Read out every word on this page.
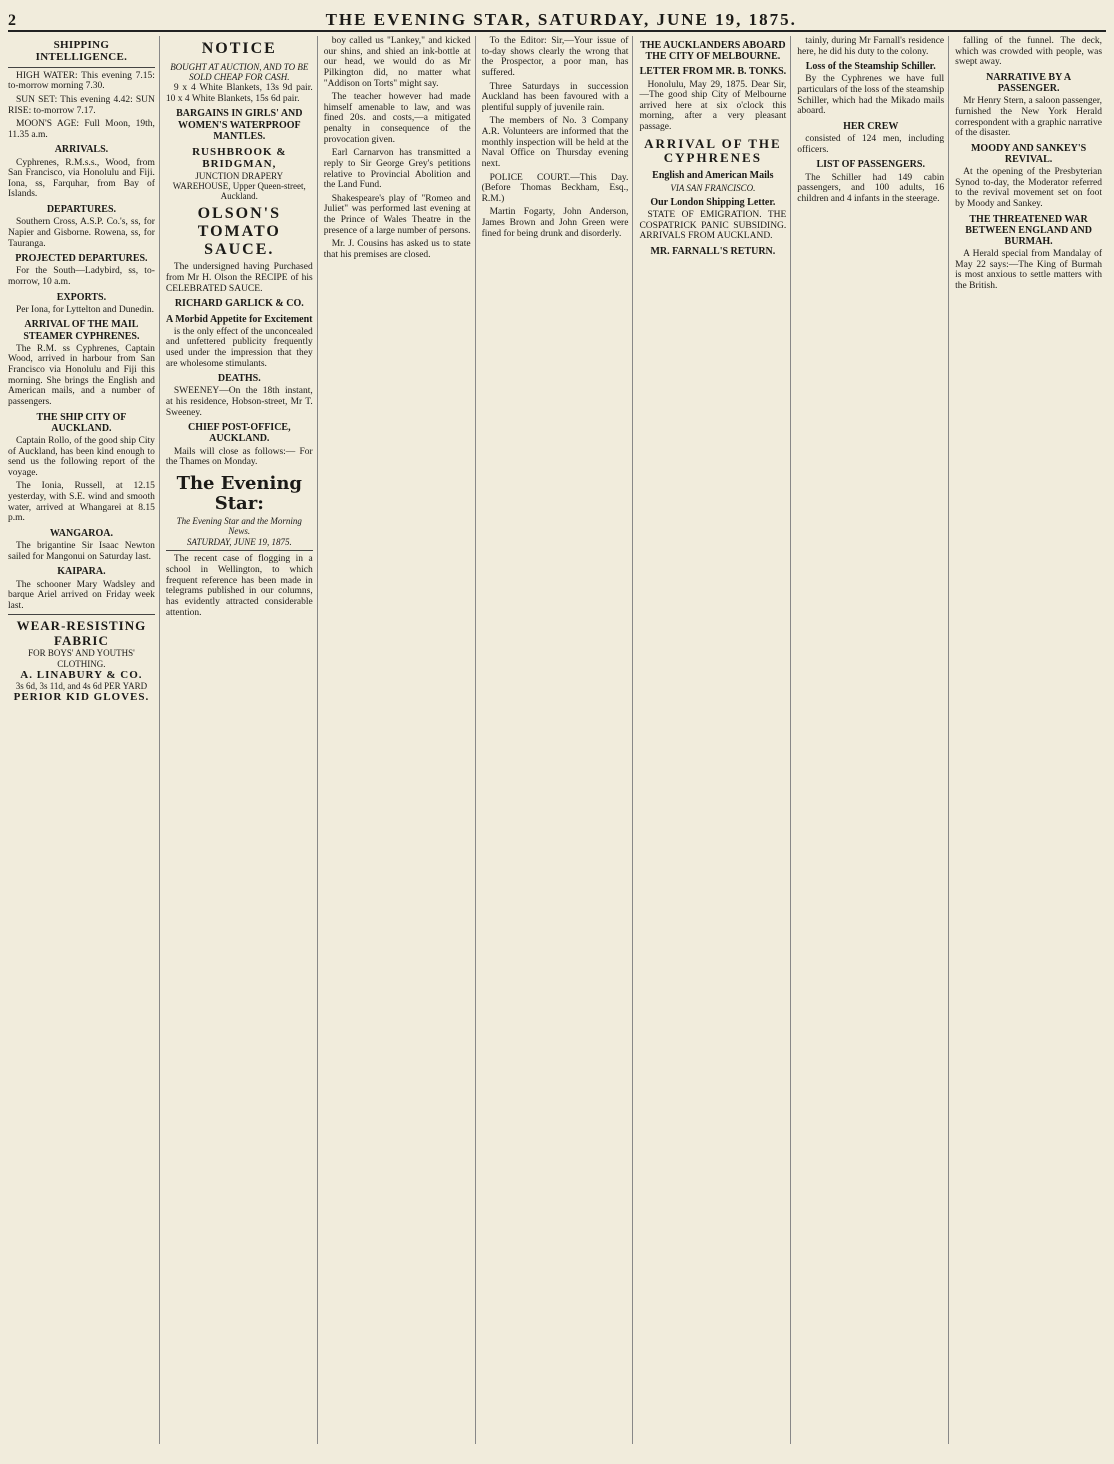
2	THE EVENING STAR, SATURDAY, JUNE 19, 1875.
SHIPPING INTELLIGENCE.
HIGH WATER: This evening 7.15: to-morrow morning 7.30.
SUN SET: This evening 4.42: SUN RISE: to-morrow 7.17.
MOON'S AGE: Full Moon, 19th, 11.35 a.m.
ARRIVALS.
Cyphrenes, R.M.s.s., Wood, from San Francisco, via Honolulu and Fiji. Iona, ss, Farquhar, from Bay of Islands.
DEPARTURES.
Southern Cross, A.S.P. Co.'s, ss, for Napier and Gisborne. Rowena, ss, for Tauranga.
PROJECTED DEPARTURES.
For the South—Ladybird, ss, to-morrow, 10 a.m.
EXPORTS.
Per Iona, for Lyttelton and Dunedin.
ARRIVAL OF THE MAIL STEAMER CYPHRENES.
The R.M. ss Cyphrenes, Captain Wood, arrived in harbour from San Francisco via Honolulu and Fiji this morning. She brings the English and American mails, and a number of passengers.
THE SHIP CITY OF AUCKLAND.
Captain Rollo, of the good ship City of Auckland, has been kind enough to send us the following report of the voyage.
The Ionia, Russell, at 12.15 yesterday, with S.E. wind and smooth water, arrived at Whangarei at 8.15 p.m.
WANGAROA.
The brigantine Sir Isaac Newton sailed for Mangonui on Saturday last.
KAIPARA.
The schooner Mary Wadsley and barque Ariel arrived on Friday week last.
WEAR-RESISTING FABRIC
FOR BOYS' AND YOUTHS' CLOTHING.
A. LINABURY & CO.
3s 6d, 3s 11d, and 4s 6d PER YARD
PERIOR KID GLOVES.
NOTICE
BOUGHT AT AUCTION, AND TO BE SOLD CHEAP FOR CASH.
9 x 4 White Blankets, 13s 9d pair. 10 x 4 White Blankets, 15s 6d pair.
BARGAINS IN GIRLS' AND WOMEN'S WATERPROOF MANTLES.
RUSHBROOK & BRIDGMAN,
JUNCTION DRAPERY WAREHOUSE, Upper Queen-street, Auckland.
OLSON'S TOMATO SAUCE.
The undersigned having Purchased from Mr H. Olson the RECIPE of his CELEBRATED SAUCE.
RICHARD GARLICK & CO.
A Morbid Appetite for Excitement
is the only effect of the unconcealed and unfettered publicity frequently used under the impression that they are wholesome stimulants.
DEATHS.
SWEENEY—On the 18th instant, at his residence, Hobson-street, Mr T. Sweeney.
CHIEF POST-OFFICE, AUCKLAND.
Mails will close as follows:— For the Thames on Monday.
The Evening Star:
The Evening Star and the Morning News.
SATURDAY, JUNE 19, 1875.
The recent case of flogging in a school in Wellington, to which frequent reference has been made in telegrams published in our columns, has evidently attracted considerable attention.
boy called us "Lankey," and kicked our shins, and shied an ink-bottle at our head, we would do as Mr Pilkington did, no matter what "Addison on Torts" might say.
The teacher however had made himself amenable to law, and was fined 20s. and costs,—a mitigated penalty in consequence of the provocation given.
Earl Carnarvon has transmitted a reply to Sir George Grey's petitions relative to Provincial Abolition and the Land Fund.
Shakespeare's play of "Romeo and Juliet" was performed last evening at the Prince of Wales Theatre in the presence of a large number of persons.
Mr. J. Cousins has asked us to state that his premises are closed.
To the Editor: Sir,—Your issue of to-day shows clearly the wrong that the Prospector, a poor man, has suffered.
Three Saturdays in succession Auckland has been favoured with a plentiful supply of juvenile rain.
The members of No. 3 Company A.R. Volunteers are informed that the monthly inspection will be held at the Naval Office on Thursday evening next.
POLICE COURT.—This Day. (Before Thomas Beckham, Esq., R.M.)
Martin Fogarty, John Anderson, James Brown and John Green were fined for being drunk and disorderly.
THE AUCKLANDERS ABOARD THE CITY OF MELBOURNE.
LETTER FROM MR. B. TONKS.
Honolulu, May 29, 1875. Dear Sir,—The good ship City of Melbourne arrived here at six o'clock this morning, after a very pleasant passage.
ARRIVAL OF THE CYPHRENES
English and American Mails
VIA SAN FRANCISCO.
Our London Shipping Letter.
STATE OF EMIGRATION. THE COSPATRICK PANIC SUBSIDING. ARRIVALS FROM AUCKLAND.
MR. FARNALL'S RETURN.
tainly, during Mr Farnall's residence here, he did his duty to the colony.
Loss of the Steamship Schiller.
By the Cyphrenes we have full particulars of the loss of the steamship Schiller, which had the Mikado mails aboard.
HER CREW
consisted of 124 men, including officers.
LIST OF PASSENGERS.
The Schiller had 149 cabin passengers, and 100 adults, 16 children and 4 infants in the steerage.
falling of the funnel. The deck, which was crowded with people, was swept away.
NARRATIVE BY A PASSENGER.
Mr Henry Stern, a saloon passenger, furnished the New York Herald correspondent with a graphic narrative of the disaster.
MOODY AND SANKEY'S REVIVAL.
At the opening of the Presbyterian Synod to-day, the Moderator referred to the revival movement set on foot by Moody and Sankey.
THE THREATENED WAR BETWEEN ENGLAND AND BURMAH.
A Herald special from Mandalay of May 22 says:—The King of Burmah is most anxious to settle matters with the British.
